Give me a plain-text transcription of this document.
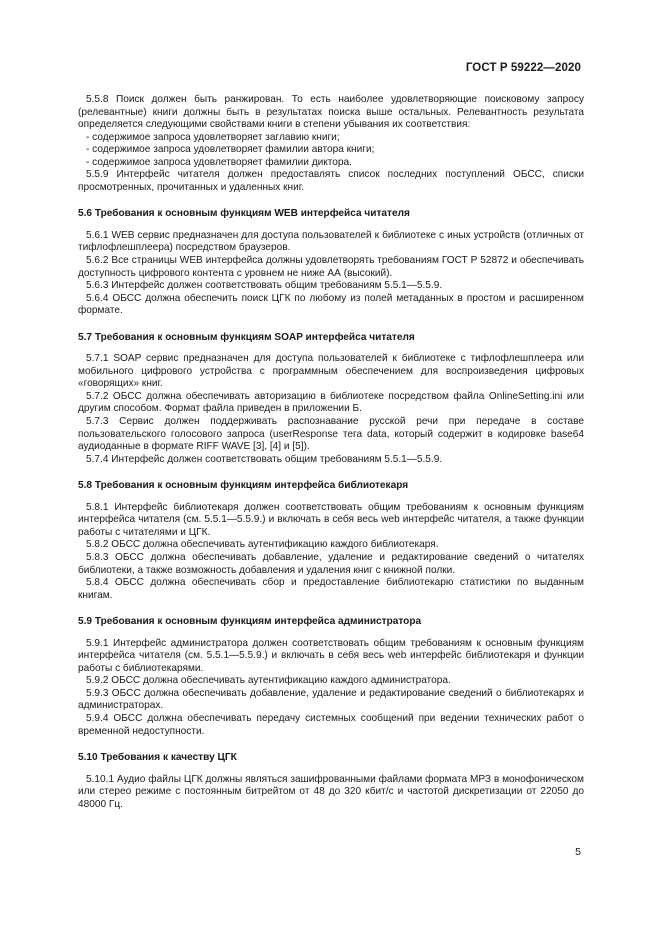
ГОСТ Р 59222—2020

5.5.8 Поиск должен быть ранжирован. То есть наиболее удовлетворяющие поисковому запросу (релевантные) книги должны быть в результатах поиска выше остальных. Релевантность результата определяется следующими свойствами книги в степени убывания их соответствия:

- содержимое запроса удовлетворяет заглавию книги;

- содержимое запроса удовлетворяет фамилии автора книги;

- содержимое запроса удовлетворяет фамилии диктора.

5.5.9 Интерфейс читателя должен предоставлять список последних поступлений ОБСС, списки просмотренных, прочитанных и удаленных книг.

5.6 Требования к основным функциям WEB интерфейса читателя

5.6.1 WEB сервис предназначен для доступа пользователей к библиотеке с иных устройств (отличных от тифлофлешплеера) посредством браузеров.

5.6.2 Все страницы WEB интерфейса должны удовлетворять требованиям ГОСТ Р 52872 и обеспечивать доступность цифрового контента с уровнем не ниже АА (высокий).

5.6.3 Интерфейс должен соответствовать общим требованиям 5.5.1—5.5.9.

5.6.4 ОБСС должна обеспечить поиск ЦГК по любому из полей метаданных в простом и расширенном формате.

5.7 Требования к основным функциям SOAP интерфейса читателя

5.7.1 SOAP сервис предназначен для доступа пользователей к библиотеке с тифлофлешплеера или мобильного цифрового устройства с программным обеспечением для воспроизведения цифровых «говорящих» книг.

5.7.2 ОБСС должна обеспечивать авторизацию в библиотеке посредством файла OnlineSetting.ini или другим способом. Формат файла приведен в приложении Б.

5.7.3 Сервис должен поддерживать распознавание русской речи при передаче в составе пользовательского голосового запроса (userResponse тега data, который содержит в кодировке base64 аудиоданные в формате RIFF WAVE [3], [4] и [5]).

5.7.4 Интерфейс должен соответствовать общим требованиям 5.5.1—5.5.9.

5.8 Требования к основным функциям интерфейса библиотекаря

5.8.1 Интерфейс библиотекаря должен соответствовать общим требованиям к основным функциям интерфейса читателя (см. 5.5.1—5.5.9.) и включать в себя весь web интерфейс читателя, а также функции работы с читателями и ЦГК.

5.8.2 ОБСС должна обеспечивать аутентификацию каждого библиотекаря.

5.8.3 ОБСС должна обеспечивать добавление, удаление и редактирование сведений о читателях библиотеки, а также возможность добавления и удаления книг с книжной полки.

5.8.4 ОБСС должна обеспечивать сбор и предоставление библиотекарю статистики по выданным книгам.

5.9 Требования к основным функциям интерфейса администратора

5.9.1 Интерфейс администратора должен соответствовать общим требованиям к основным функциям интерфейса читателя (см. 5.5.1—5.5.9.) и включать в себя весь web интерфейс библиотекаря и функции работы с библиотекарями.

5.9.2 ОБСС должна обеспечивать аутентификацию каждого администратора.

5.9.3 ОБСС должна обеспечивать добавление, удаление и редактирование сведений о библиотекарях и администраторах.

5.9.4 ОБСС должна обеспечивать передачу системных сообщений при ведении технических работ о временной недоступности.

5.10 Требования к качеству ЦГК

5.10.1 Аудио файлы ЦГК должны являться зашифрованными файлами формата МРЗ в монофоническом или стерео режиме с постоянным битрейтом от 48 до 320 кбит/с и частотой дискретизации от 22050 до 48000 Гц.

5
